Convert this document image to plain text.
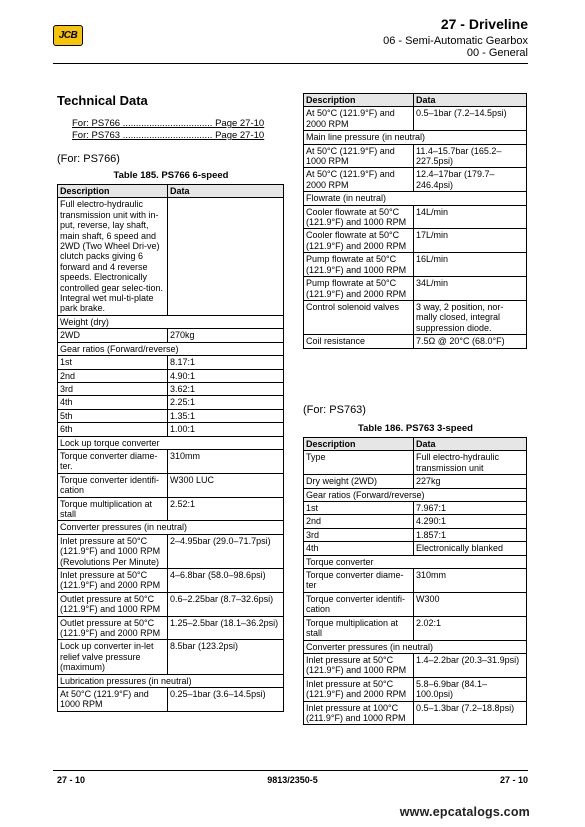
JCB
27 - Driveline
06 - Semi-Automatic Gearbox
00 - General
Technical Data
For: PS766 .................................. Page 27-10
For: PS763 .................................. Page 27-10
(For: PS766)
Table 185. PS766 6-speed
Description	Data
Full electro-hydraulic transmission unit with in-put, reverse, lay shaft, main shaft, 6 speed and 2WD (Two Wheel Dri-ve) clutch packs giving 6 forward and 4 reverse speeds. Electronically controlled gear selec-tion. Integral wet mul-ti-plate park brake.	
Weight (dry)	
2WD	270kg
Gear ratios (Forward/reverse)	
1st	8.17:1
2nd	4.90:1
3rd	3.62:1
4th	2.25:1
5th	1.35:1
6th	1.00:1
Lock up torque converter	
Torque converter diame-ter.	310mm
Torque converter identifi-cation	W300 LUC
Torque multiplication at stall	2.52:1
Converter pressures (in neutral)	
Inlet pressure at 50°C (121.9°F) and 1000 RPM (Revolutions Per Minute)	2–4.95bar (29.0–71.7psi)
Inlet pressure at 50°C (121.9°F) and 2000 RPM	4–6.8bar (58.0–98.6psi)
Outlet pressure at 50°C (121.9°F) and 1000 RPM	0.6–2.25bar (8.7–32.6psi)
Outlet pressure at 50°C (121.9°F) and 2000 RPM	1.25–2.5bar (18.1–36.2psi)
Lock up converter in-let relief valve pressure (maximum)	8.5bar (123.2psi)
Lubrication pressures (in neutral)	
At 50°C (121.9°F) and 1000 RPM	0.25–1bar (3.6–14.5psi)
Description	Data
At 50°C (121.9°F) and 2000 RPM	0.5–1bar (7.2–14.5psi)
Main line pressure (in neutral)	
At 50°C (121.9°F) and 1000 RPM	11.4–15.7bar (165.2–227.5psi)
At 50°C (121.9°F) and 2000 RPM	12.4–17bar (179.7–246.4psi)
Flowrate (in neutral)	
Cooler flowrate at 50°C (121.9°F) and 1000 RPM	14L/min
Cooler flowrate at 50°C (121.9°F) and 2000 RPM	17L/min
Pump flowrate at 50°C (121.9°F) and 1000 RPM	16L/min
Pump flowrate at 50°C (121.9°F) and 2000 RPM	34L/min
Control solenoid valves	3 way, 2 position, nor-mally closed, integral suppression diode.
Coil resistance	7.5Ω @ 20°C (68.0°F)
(For: PS763)
Table 186. PS763 3-speed
Description	Data
Type	Full electro-hydraulic transmission unit
Dry weight (2WD)	227kg
Gear ratios (Forward/reverse)	
1st	7.967:1
2nd	4.290:1
3rd	1.857:1
4th	Electronically blanked
Torque converter	
Torque converter diame-ter	310mm
Torque converter identifi-cation	W300
Torque multiplication at stall	2.02:1
Converter pressures (in neutral)	
Inlet pressure at 50°C (121.9°F) and 1000 RPM	1.4–2.2bar (20.3–31.9psi)
Inlet pressure at 50°C (121.9°F) and 2000 RPM	5.8–6.9bar (84.1–100.0psi)
Inlet pressure at 100°C (211.9°F) and 1000 RPM	0.5–1.3bar (7.2–18.8psi)
27 - 10	9813/2350-5	27 - 10
www.epcatalogs.com
